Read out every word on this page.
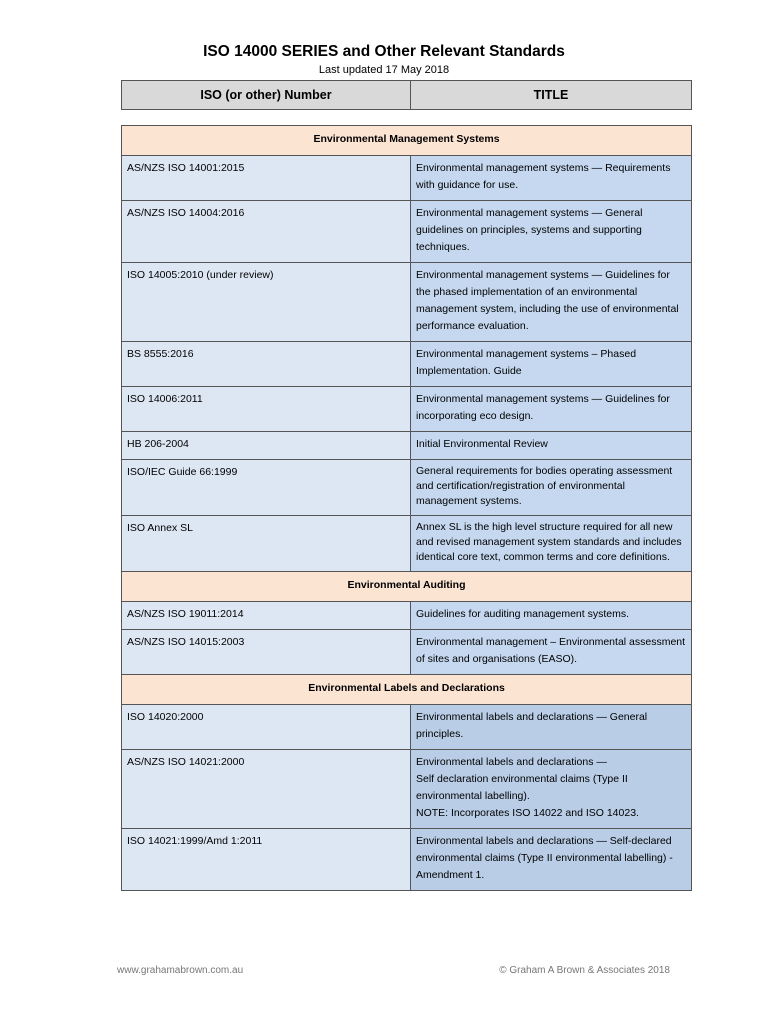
ISO 14000 SERIES and Other Relevant Standards
Last updated 17 May 2018
ISO (or other) Number	TITLE
Environmental Management Systems	
AS/NZS ISO 14001:2015	Environmental management systems — Requirements with guidance for use.
AS/NZS ISO 14004:2016	Environmental management systems — General guidelines on principles, systems and supporting techniques.
ISO 14005:2010 (under review)	Environmental management systems — Guidelines for the phased implementation of an environmental management system, including the use of environmental performance evaluation.
BS 8555:2016	Environmental management systems – Phased Implementation. Guide
ISO 14006:2011	Environmental management systems — Guidelines for incorporating eco design.
HB 206-2004	Initial Environmental Review
ISO/IEC Guide 66:1999	General requirements for bodies operating assessment and certification/registration of environmental management systems.
ISO Annex SL	Annex SL is the high level structure required for all new and revised management system standards and includes identical core text, common terms and core definitions.
Environmental Auditing	
AS/NZS ISO 19011:2014	Guidelines for auditing management systems.
AS/NZS ISO 14015:2003	Environmental management – Environmental assessment of sites and organisations (EASO).
Environmental Labels and Declarations	
ISO 14020:2000	Environmental labels and declarations — General principles.
AS/NZS ISO 14021:2000	Environmental labels and declarations —
Self declaration environmental claims (Type II environmental labelling).
NOTE: Incorporates ISO 14022 and ISO 14023.

ISO 14021:1999/Amd 1:2011	Environmental labels and declarations — Self-declared environmental claims (Type II environmental labelling) - Amendment 1.
www.grahamabrown.com.au	© Graham A Brown & Associates 2018
